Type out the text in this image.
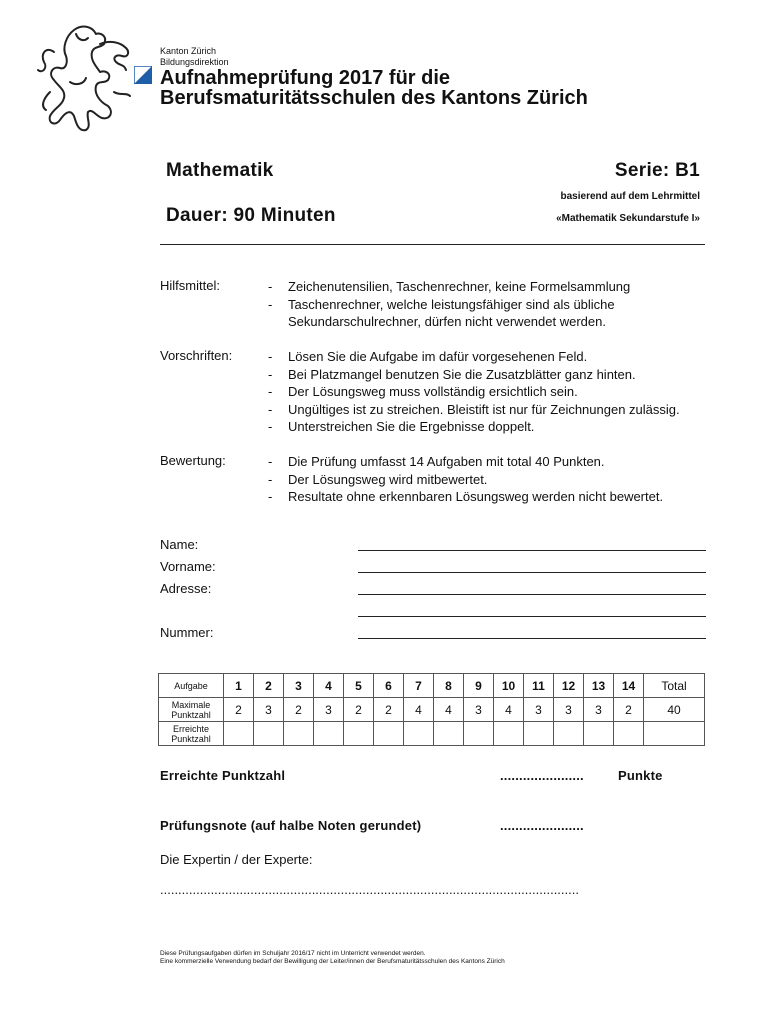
Kanton Zürich
Bildungsdirektion
Aufnahmeprüfung 2017 für die
Berufsmaturitätsschulen des Kantons Zürich
Mathematik	Serie: B1
basierend auf dem Lehrmittel
Dauer: 90 Minuten	«Mathematik Sekundarstufe I»
Hilfsmittel:	- Zeichenutensilien, Taschenrechner, keine Formelsammlung
- Taschenrechner, welche leistungsfähiger sind als übliche Sekundarschulrechner, dürfen nicht verwendet werden.
Vorschriften:	- Lösen Sie die Aufgabe im dafür vorgesehenen Feld.
- Bei Platzmangel benutzen Sie die Zusatzblätter ganz hinten.
- Der Lösungsweg muss vollständig ersichtlich sein.
- Ungültiges ist zu streichen. Bleistift ist nur für Zeichnungen zulässig.
- Unterstreichen Sie die Ergebnisse doppelt.
Bewertung:	- Die Prüfung umfasst 14 Aufgaben mit total 40 Punkten.
- Der Lösungsweg wird mitbewertet.
- Resultate ohne erkennbaren Lösungsweg werden nicht bewertet.
Name:
Vorname:
Adresse:
Nummer:
Aufgabe	1	2	3	4	5	6	7	8	9	10	11	12	13	14	Total
Maximale Punktzahl	2	3	2	3	2	2	4	4	3	4	3	3	3	2	40
Erreichte Punktzahl															
Erreichte Punktzahl	......................	Punkte
Prüfungsnote (auf halbe Noten gerundet)	......................
Die Expertin / der Experte:
....................................................................................................................
Diese Prüfungsaufgaben dürfen im Schuljahr 2016/17 nicht im Unterricht verwendet werden.
Eine kommerzielle Verwendung bedarf der Bewilligung der Leiter/innen der Berufsmaturitätsschulen des Kantons Zürich
